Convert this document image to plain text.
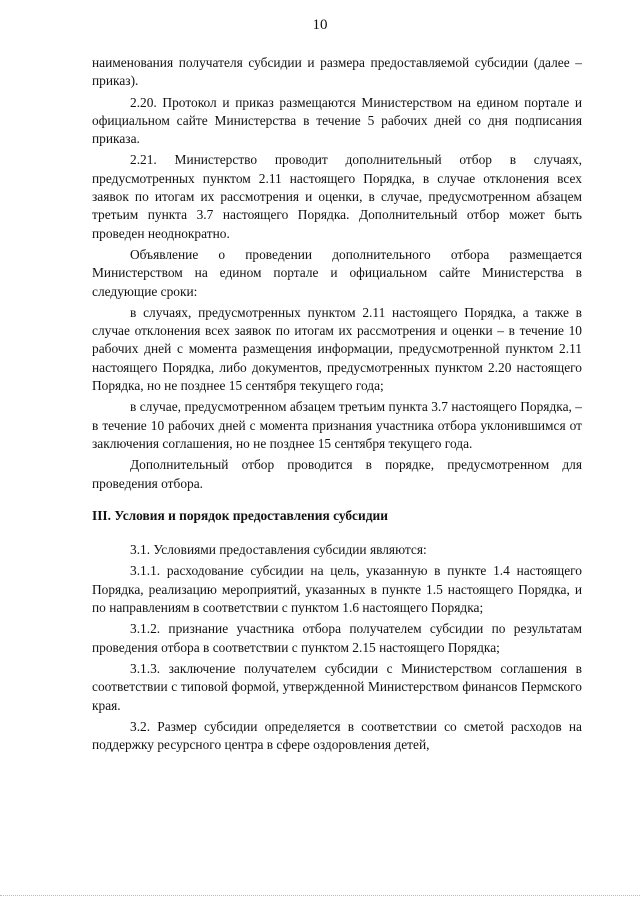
10

наименования получателя субсидии и размера предоставляемой субсидии (далее – приказ).

2.20. Протокол и приказ размещаются Министерством на едином портале и официальном сайте Министерства в течение 5 рабочих дней со дня подписания приказа.

2.21. Министерство проводит дополнительный отбор в случаях, предусмотренных пунктом 2.11 настоящего Порядка, в случае отклонения всех заявок по итогам их рассмотрения и оценки, в случае, предусмотренном абзацем третьим пункта 3.7 настоящего Порядка. Дополнительный отбор может быть проведен неоднократно.

Объявление о проведении дополнительного отбора размещается Министерством на едином портале и официальном сайте Министерства в следующие сроки:

в случаях, предусмотренных пунктом 2.11 настоящего Порядка, а также в случае отклонения всех заявок по итогам их рассмотрения и оценки – в течение 10 рабочих дней с момента размещения информации, предусмотренной пунктом 2.11 настоящего Порядка, либо документов, предусмотренных пунктом 2.20 настоящего Порядка, но не позднее 15 сентября текущего года;

в случае, предусмотренном абзацем третьим пункта 3.7 настоящего Порядка, – в течение 10 рабочих дней с момента признания участника отбора уклонившимся от заключения соглашения, но не позднее 15 сентября текущего года.

Дополнительный отбор проводится в порядке, предусмотренном для проведения отбора.

III. Условия и порядок предоставления субсидии

3.1. Условиями предоставления субсидии являются:

3.1.1. расходование субсидии на цель, указанную в пункте 1.4 настоящего Порядка, реализацию мероприятий, указанных в пункте 1.5 настоящего Порядка, и по направлениям в соответствии с пунктом 1.6 настоящего Порядка;

3.1.2. признание участника отбора получателем субсидии по результатам проведения отбора в соответствии с пунктом 2.15 настоящего Порядка;

3.1.3. заключение получателем субсидии с Министерством соглашения в соответствии с типовой формой, утвержденной Министерством финансов Пермского края.

3.2. Размер субсидии определяется в соответствии со сметой расходов на поддержку ресурсного центра в сфере оздоровления детей,
